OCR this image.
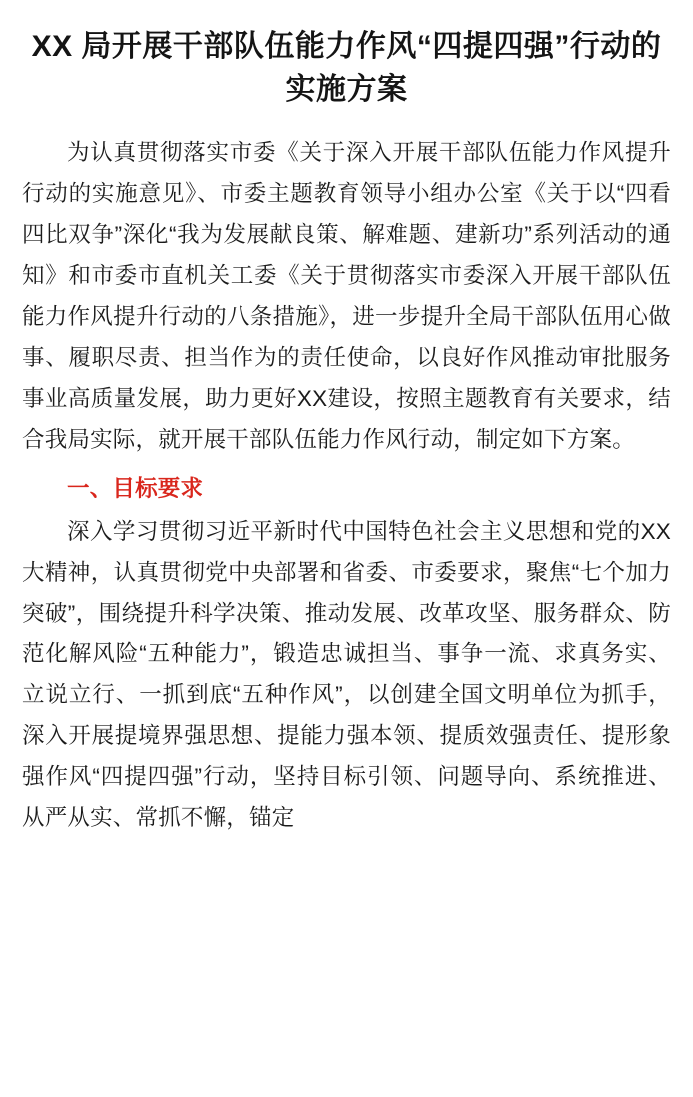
XX 局开展干部队伍能力作风“四提四强”行动的实施方案

为认真贯彻落实市委《关于深入开展干部队伍能力作风提升行动的实施意见》、市委主题教育领导小组办公室《关于以“四看四比双争”深化“我为发展献良策、解难题、建新功”系列活动的通知》和市委市直机关工委《关于贯彻落实市委深入开展干部队伍能力作风提升行动的八条措施》，进一步提升全局干部队伍用心做事、履职尽责、担当作为的责任使命，以良好作风推动审批服务事业高质量发展，助力更好XX建设，按照主题教育有关要求，结合我局实际，就开展干部队伍能力作风行动，制定如下方案。

一、目标要求

深入学习贯彻习近平新时代中国特色社会主义思想和党的XX大精神，认真贯彻党中央部署和省委、市委要求，聚焦“七个加力突破”，围绕提升科学决策、推动发展、改革攻坚、服务群众、防范化解风险“五种能力”，锻造忠诚担当、事争一流、求真务实、立说立行、一抓到底“五种作风”，以创建全国文明单位为抓手，深入开展提境界强思想、提能力强本领、提质效强责任、提形象强作风“四提四强”行动，坚持目标引领、问题导向、系统推进、从严从实、常抓不懈，锚定
